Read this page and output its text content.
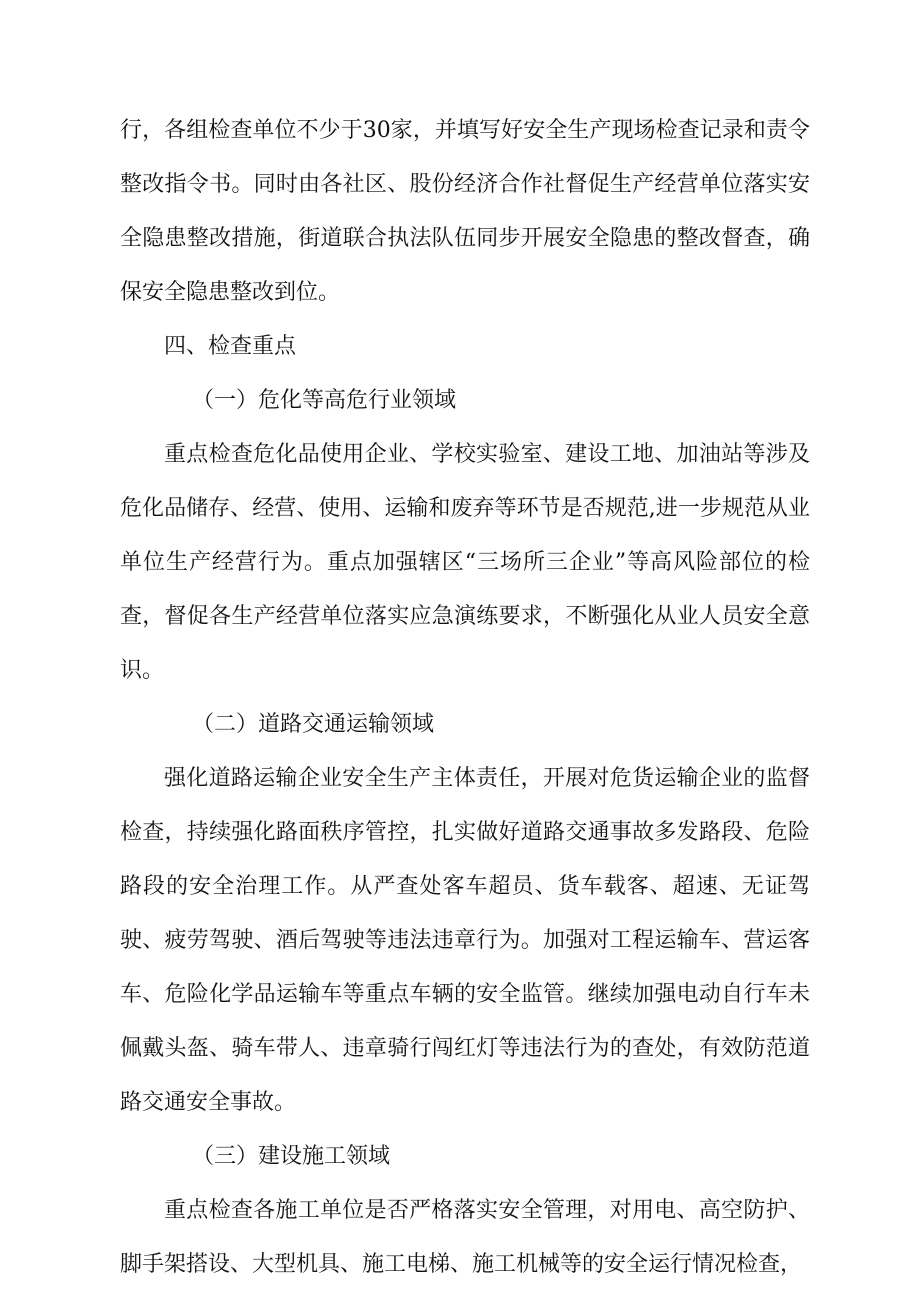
行，各组检查单位不少于30家，并填写好安全生产现场检查记录和责令整改指令书。同时由各社区、股份经济合作社督促生产经营单位落实安全隐患整改措施，街道联合执法队伍同步开展安全隐患的整改督查，确保安全隐患整改到位。

四、检查重点

（一）危化等高危行业领域

重点检查危化品使用企业、学校实验室、建设工地、加油站等涉及危化品储存、经营、使用、运输和废弃等环节是否规范,进一步规范从业单位生产经营行为。重点加强辖区“三场所三企业”等高风险部位的检查，督促各生产经营单位落实应急演练要求，不断强化从业人员安全意识。

（二）道路交通运输领域

强化道路运输企业安全生产主体责任，开展对危货运输企业的监督检查，持续强化路面秩序管控，扎实做好道路交通事故多发路段、危险路段的安全治理工作。从严查处客车超员、货车载客、超速、无证驾驶、疲劳驾驶、酒后驾驶等违法违章行为。加强对工程运输车、营运客车、危险化学品运输车等重点车辆的安全监管。继续加强电动自行车未佩戴头盔、骑车带人、违章骑行闯红灯等违法行为的查处，有效防范道路交通安全事故。

（三）建设施工领域

重点检查各施工单位是否严格落实安全管理，对用电、高空防护、脚手架搭设、大型机具、施工电梯、施工机械等的安全运行情况检查，
